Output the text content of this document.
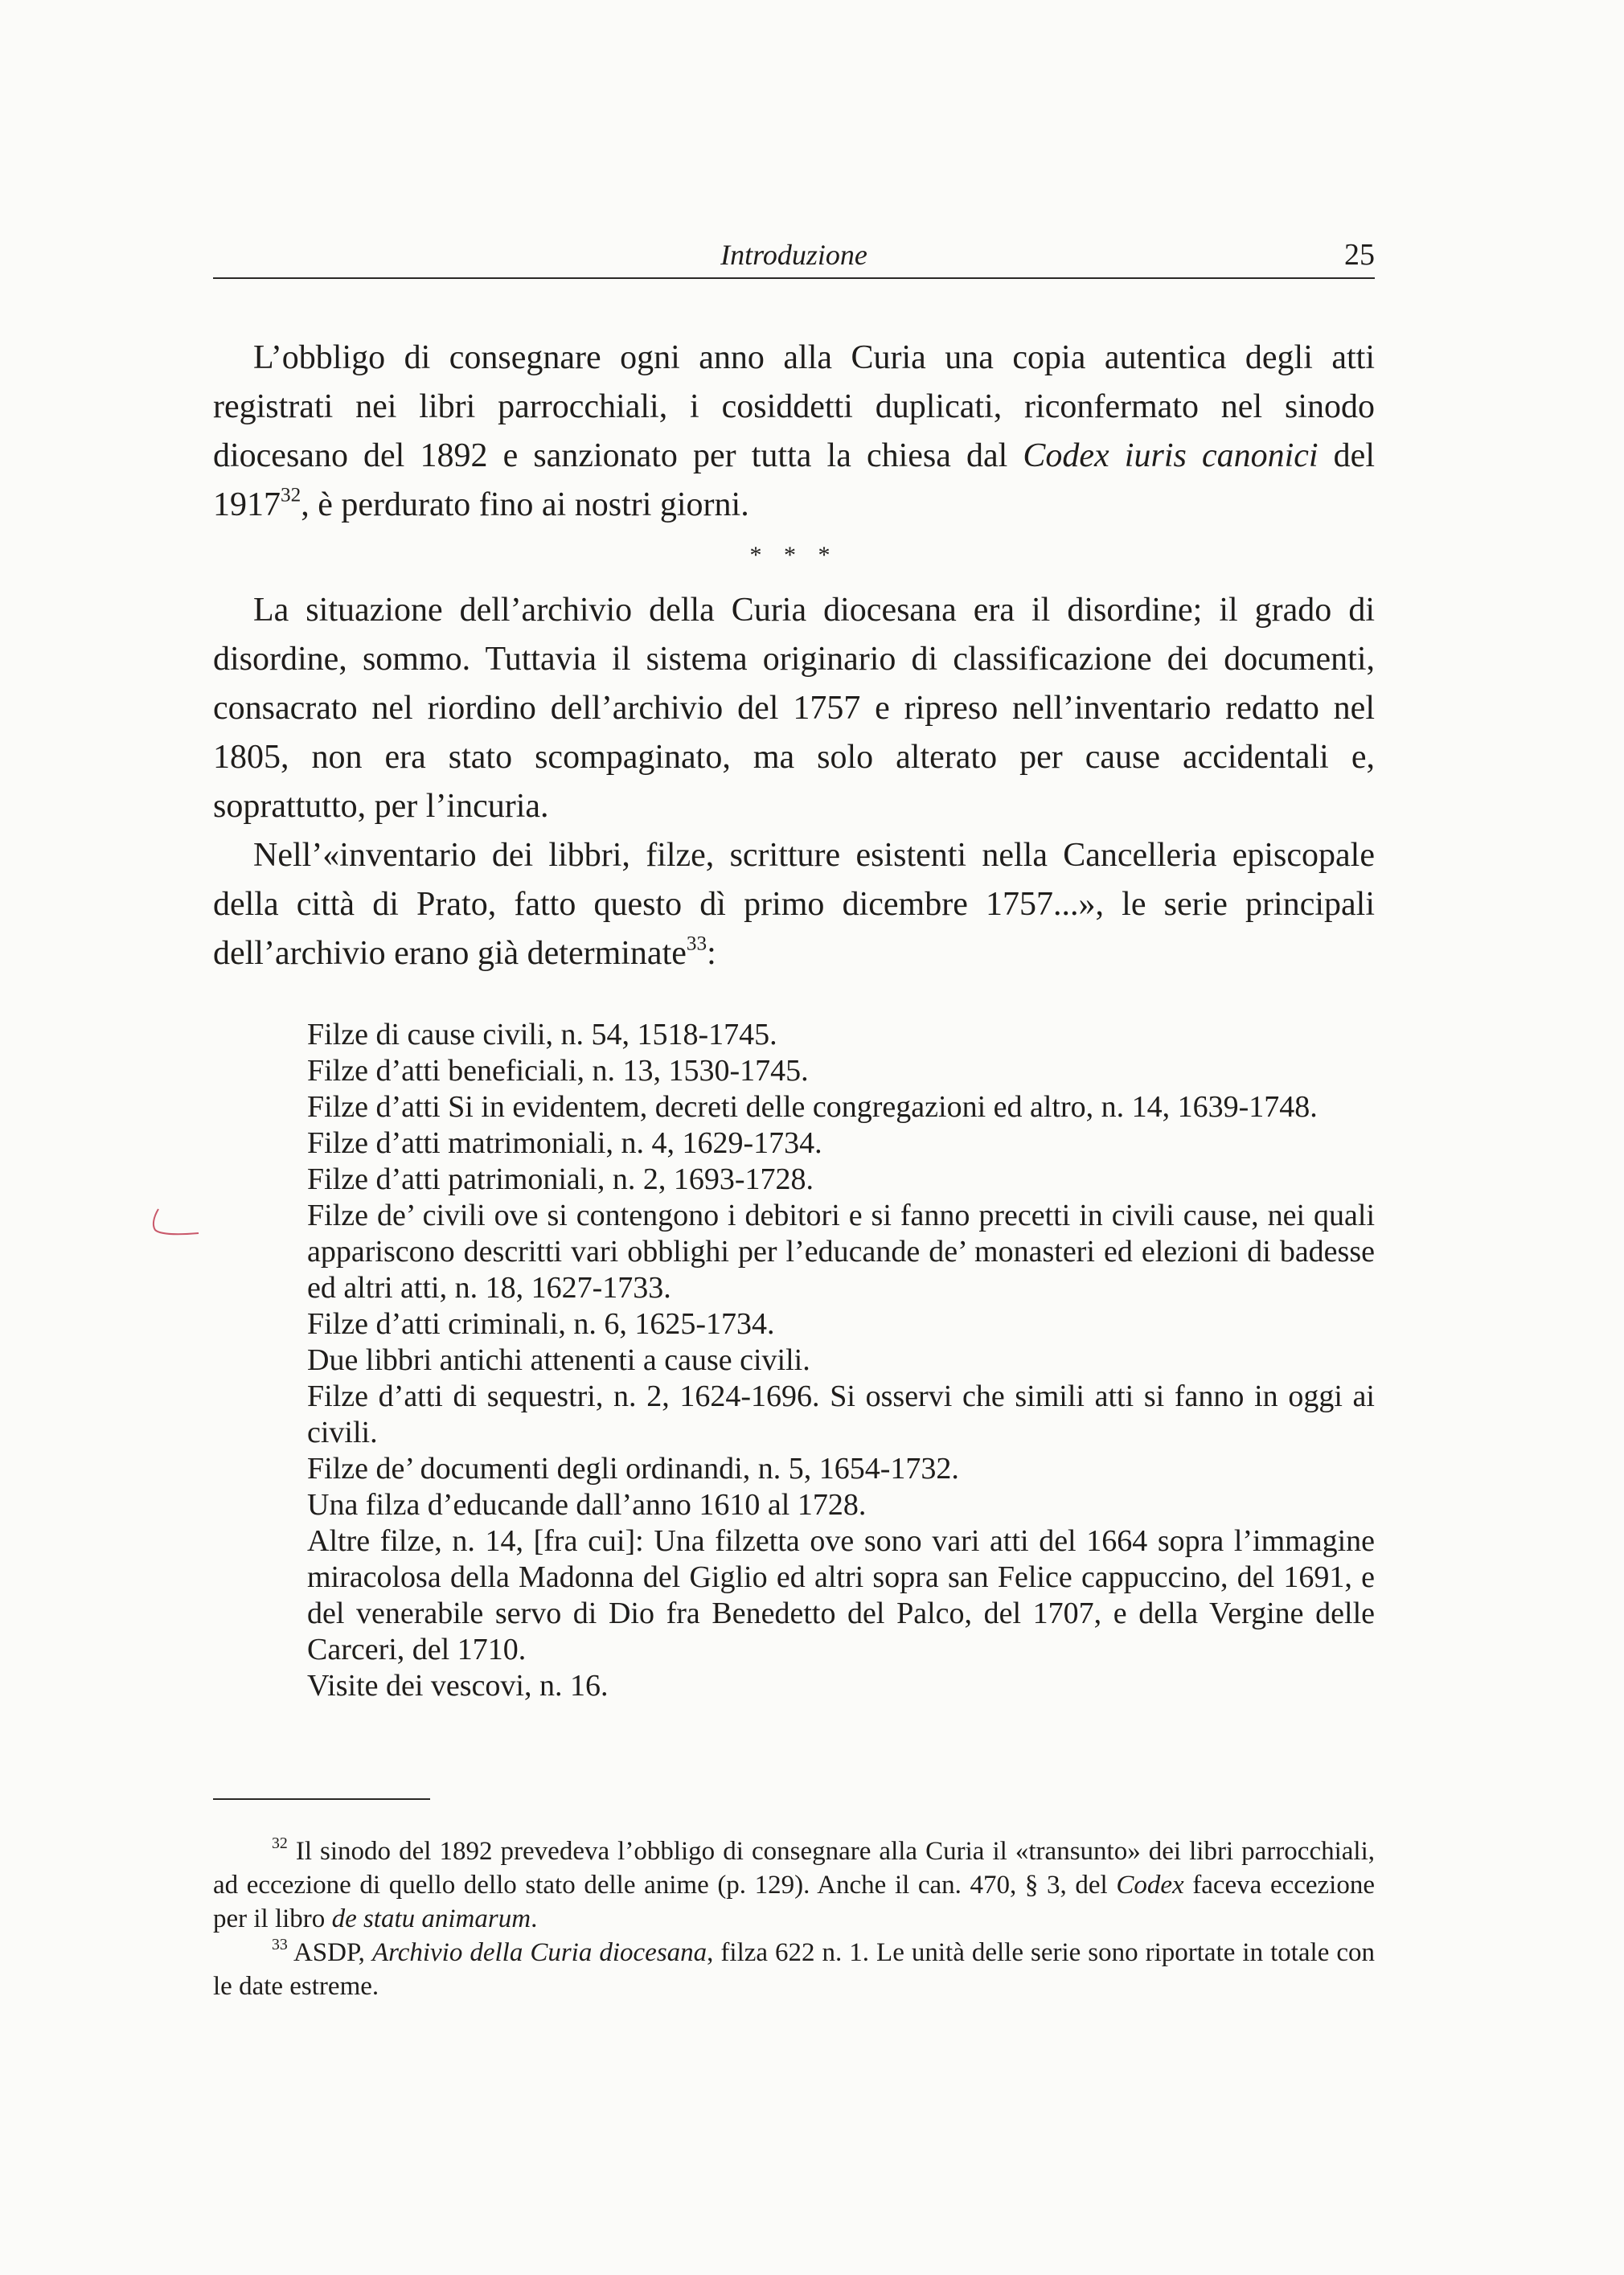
Introduzione	25

L’obbligo di consegnare ogni anno alla Curia una copia autentica degli atti registrati nei libri parrocchiali, i cosiddetti duplicati, riconfermato nel sinodo diocesano del 1892 e sanzionato per tutta la chiesa dal Codex iuris canonici del 1917$^{32}$, è perdurato fino ai nostri giorni.

* * *

La situazione dell’archivio della Curia diocesana era il disordine; il grado di disordine, sommo. Tuttavia il sistema originario di classificazione dei documenti, consacrato nel riordino dell’archivio del 1757 e ripreso nell’inventario redatto nel 1805, non era stato scompaginato, ma solo alterato per cause accidentali e, soprattutto, per l’incuria.

Nell’«inventario dei libbri, filze, scritture esistenti nella Cancelleria episcopale della città di Prato, fatto questo dì primo dicembre 1757...», le serie principali dell’archivio erano già determinate$^{33}$:

Filze di cause civili, n. 54, 1518-1745.
Filze d’atti beneficiali, n. 13, 1530-1745.
Filze d’atti Si in evidentem, decreti delle congregazioni ed altro, n. 14, 1639-1748.
Filze d’atti matrimoniali, n. 4, 1629-1734.
Filze d’atti patrimoniali, n. 2, 1693-1728.
Filze de’ civili ove si contengono i debitori e si fanno precetti in civili cause, nei quali appariscono descritti vari obblighi per l’educande de’ monasteri ed elezioni di badesse ed altri atti, n. 18, 1627-1733.
Filze d’atti criminali, n. 6, 1625-1734.
Due libbri antichi attenenti a cause civili.
Filze d’atti di sequestri, n. 2, 1624-1696. Si osservi che simili atti si fanno in oggi ai civili.
Filze de’ documenti degli ordinandi, n. 5, 1654-1732.
Una filza d’educande dall’anno 1610 al 1728.
Altre filze, n. 14, [fra cui]: Una filzetta ove sono vari atti del 1664 sopra l’immagine miracolosa della Madonna del Giglio ed altri sopra san Felice cappuccino, del 1691, e del venerabile servo di Dio fra Benedetto del Palco, del 1707, e della Vergine delle Carceri, del 1710.
Visite dei vescovi, n. 16.

$^{32}$ Il sinodo del 1892 prevedeva l’obbligo di consegnare alla Curia il «transunto» dei libri parrocchiali, ad eccezione di quello dello stato delle anime (p. 129). Anche il can. 470, § 3, del Codex faceva eccezione per il libro de statu animarum.

$^{33}$ ASDP, Archivio della Curia diocesana, filza 622 n. 1. Le unità delle serie sono riportate in totale con le date estreme.
